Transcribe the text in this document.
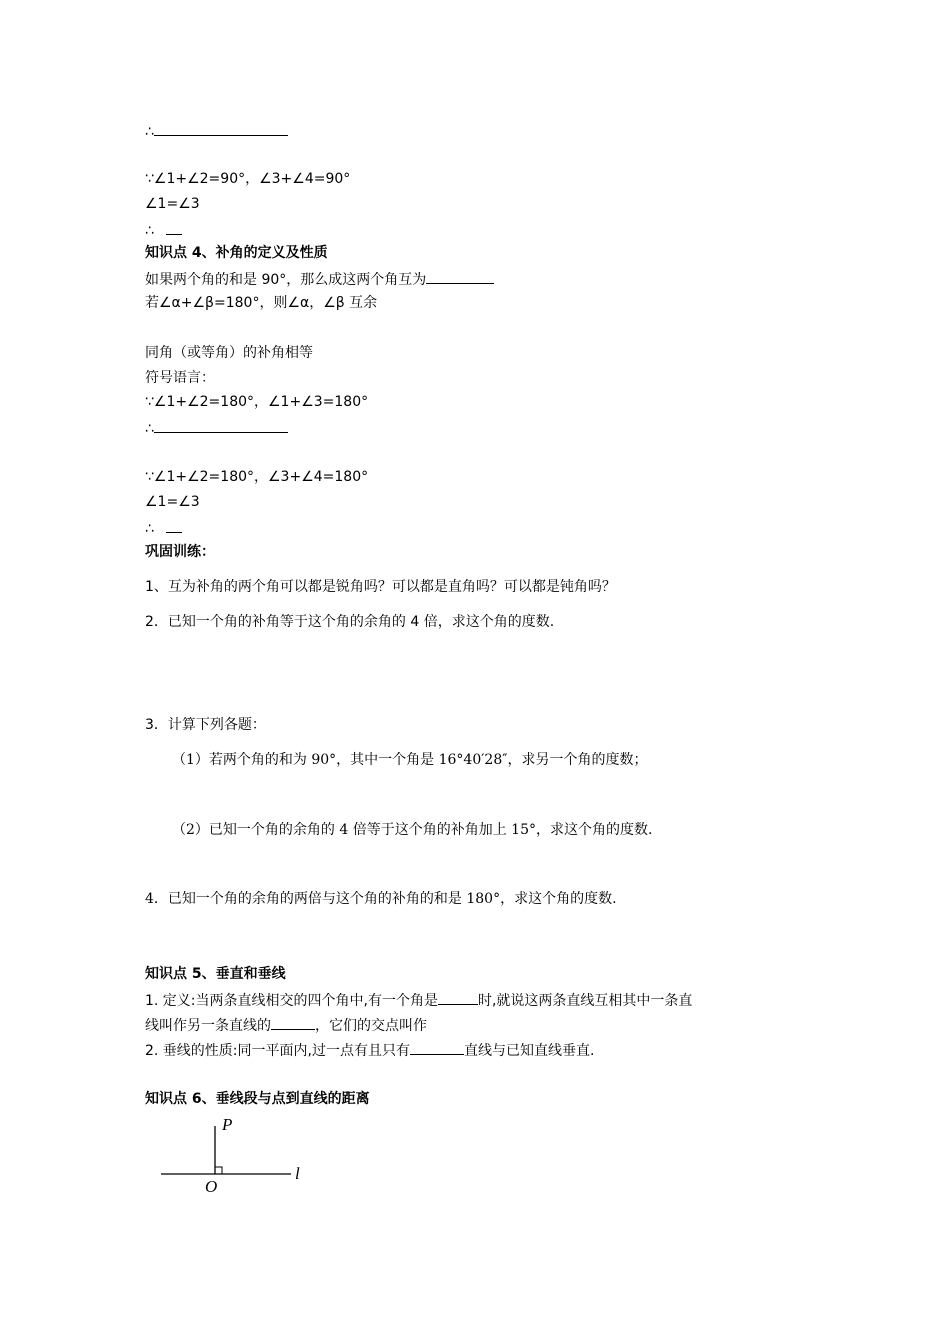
∴
∵∠1+∠2=90°，∠3+∠4=90°
∠1=∠3
∴
知识点 4、补角的定义及性质
如果两个角的和是 90°，那么成这两个角互为
若∠α+∠β=180°，则∠α，∠β 互余
同角（或等角）的补角相等
符号语言：
∵∠1+∠2=180°，∠1+∠3=180°
∴
∵∠1+∠2=180°，∠3+∠4=180°
∠1=∠3
∴
巩固训练：
1、互为补角的两个角可以都是锐角吗？可以都是直角吗？可以都是钝角吗？
2．已知一个角的补角等于这个角的余角的 4 倍，求这个角的度数.
3．计算下列各题：
（1）若两个角的和为 90°，其中一个角是 16°40′28″，求另一个角的度数；
（2）已知一个角的余角的 4 倍等于这个角的补角加上 15°，求这个角的度数.
4．已知一个角的余角的两倍与这个角的补角的和是 180°，求这个角的度数.
知识点 5、垂直和垂线
1. 定义:当两条直线相交的四个角中,有一个角是	时,就说这两条直线互相其中一条直
线叫作另一条直线的	，它们的交点叫作
2. 垂线的性质:同一平面内,过一点有且只有	直线与已知直线垂直.
知识点 6、垂线段与点到直线的距离
P
O
l
